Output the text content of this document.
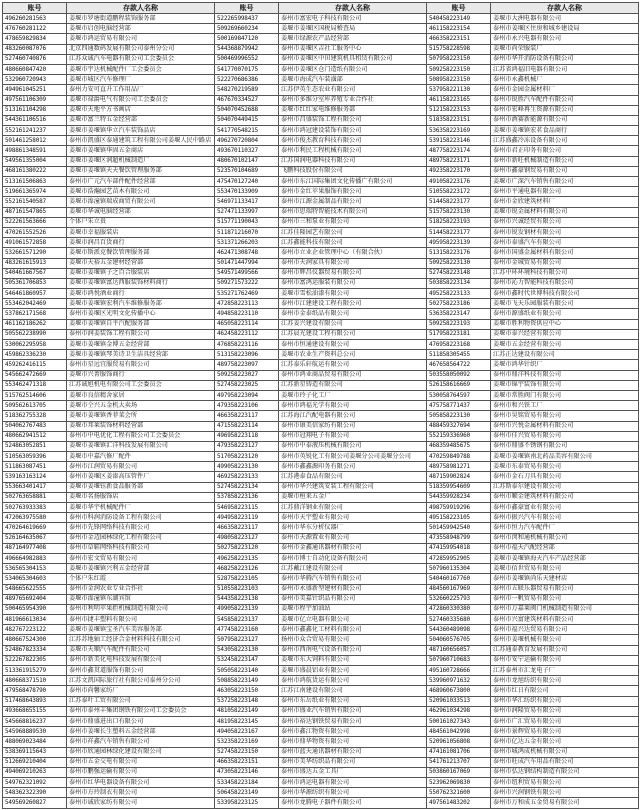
账号	存款人名称	账号	存款人名称	账号	存款人名称
496260281563	姜堰市罗塘街道鹏程装饰服务部	522265998437	泰州市富宏电子科技有限公司	540458223149	姜堰市大洲电器有限公司
476760281122	姜堰市启创电脑经营部	509269660234	姜堰市姜堰区国税局稽查局	461158223154	泰州市姜堰区住房和城乡建设局
478659829834	姜堰市鸿运贸易有限公司	500169847120	姜堰市绿源农产品经营部	466358223151	泰州市永兴电器有限公司
483260087076	北京四通数码发展有限公司泰州分公司	544368879942	泰州市姜堰区吉社工服务中心	515758228598	姜堰市尚荣服装厂
527460740876	江苏众诚汽车电器有限公司工会委员会	500469996552	泰州市姜堰区中田建筑机具租赁有限公司	507958223150	泰州市华开消防设备有限公司
480660847420	姜堰市宇达机械配件厂工会委员会	541770070175	泰州市姜堰区仓门造纸有限公司	509258223150	江苏省鸿福旧电器有限公司
532960720943	姜堰市城区汽车修理厂	522270686386	姜堰市海成汽车装潢部	508958223150	泰州市永鑫机械厂
494961045251	泰州力安可直升工作用品厂	548270219589	江苏伊英生态农业有限公司	537958221130	泰州市金园金属材料厂
497561106309	姜堰市禄爵电气有限公司工会委员会	467670334527	泰州市多维分室库养殖专业合作社	461158223165	泰州市锐胜汽车配件有限公司
513161104298	姜堰市天地平方书画店	504070452688	姜堰市红红家电维修服务部	512158223153	泰州市宏峰再生资源有限公司
544361106516	姜堰市富兰特五金经营部	504070449415	泰州市昌盛装饰工程有限公司	518358223151	泰州市酒赛新能源有限公司
552161241237	姜堰市姜堰镇华立汽车装饰品店	541770548215	泰州市鸿冠建设装饰有限公司	536358223169	姜堰市姜堰镇宏茗食品商行
501461258012	泰州市凯盛区泰通建筑工程有限公司姜堰人民中路店	496270720804	泰州市俊杰教育科技有限公司	539158223146	江苏盛鑫冷冻设备有限公司
498861348591	姜堰市姜堰镇华固五金商店	493670110327	泰州市利民工程机械有限公司	487758223174	泰州市君正印务有限公司
549561355004	姜堰市姜堰区润超机械制造厂	480670102147	江苏国润电器科技有限公司	489758223171	泰州市新旺机械制造有限公司
468161380222	姜堰市姜堰镇天天餐饮管理服务部	523570104689	飞鹏科技股份有限公司	492358223170	泰州市鑫豪钢贸易有限公司
513161506863	泰州市广元汽车部件配件经营部	475470127240	泰州市东江国际集团文化传播广有限公司	491058223176	姜堰市广深汽车销售有限公司
519661365974	姜堰市浩瀚园艺苗木有限公司	553470133909	泰州市金红苹果服饰有限公司	510558223172	泰州市平通电器有限公司
552161540587	姜堰市溱潼镇瑞成商贸有限公司	546971133417	泰州市江源金属制品有限公司	514458223177	泰州市金欣建筑材料厂
487161547865	姜堰市华诚电脑经营部	527471133997	泰州市思瑞特智能技术有限公司	515758223130	姜堰市锐金属材料有限公司
522261563666	个体户朱立贵	515771190043	泰州市三和泵业有限公司	518258223193	泰州市兴诚经贸有限公司
470261552526	姜堰市幸福服装店	511871216070	江苏佳隆园艺有限公司	514458223177	泰州市锐发钢材有限公司
491061572858	姜堰市润昌百货商行	531371266203	江苏鑫能科技有限公司	495958223139	泰州市泰盛汽车有限公司
532661571290	姜堰市斯派克餐饮管理服务部	462471308748	泰州市立业企业管理中心（有限合伙）	513158223176	泰州市国盛金属材料有限公司
483261615913	姜堰市天裕五金建材经营部	501471447994	泰州市天润家具有限公司	509258223130	泰州市金城贸易有限公司
540461667567	姜堰市姜堰镇子之百合服装店	549571499566	泰州市辉昌仪器贸易有限公司	527458223148	江苏中环环境科技有限公司
505361706853	姜堰市姜堰镇富达西服装饰材料商行	509271573222	泰州市富鸿运服装有限公司	503858223134	泰州市沁力智能科技有限公司
546461860957	姜堰市鸿悦酒业商行	535271762469	姜堰市雪松油漆有限公司	495258223133	泰州市鑫时代世博科技有限公司
553462042469	姜堰市姜堰镇宏利汽车维修服务部	472858223113	泰州市江建建设工程有限公司	502758223186	姜堰市飞天乐园服装有限公司
537862171568	泰州市姜堰区光明文化传播中心	494858223110	泰州市金泰纸品有限公司	536358223147	泰州市源盛纸业有限公司
461162186262	姜堰市姜堰镇自平汽配服务部	465058223114	江苏姜兴建设有限公司	509258223193	姜堰市胜利物资供应中心
505562238990	泰州市润姜装饰工程有限公司	462458223112	江苏晨光建设工程有限公司	517958223181	姜堰市泰兴经营有限公司
530062295958	姜堰市姜堰镇金博五金经营部	476858223116	泰州市恒通建设有限公司	476958223168	姜堰市五金经营有限公司
459862336230	姜堰市姜堰镇琴美诗卫生洁具经营部	513158223096	姜堰市农业生产资料总公司	511858305455	江苏正达建设有限公司
459262416115	泰州市星远宜服贸易有限公司	489758223097	江苏泰乐轩航运有限公司	467658564722	姜堰市鸿华针织厂
545662472669	姜堰市兴菁服饰商行	509258223027	泰州市鸿业商品贸易有限公司	503558050092	泰州市鼎洋科技有限公司
553462471318	江苏诚旭机电有限公司工会委员会	527458223025	江苏新星铸造有限公司	526158616669	姜堰市锦宇装饰有限公司
515762514606	姜堰市良信精舍家居	497958223094	姜堰市玲子化工厂	530058764597	姜堰市常胜阀门有限公司
509562613705	姜堰市仝兴五金机大卖场	479358223106	泰州市鸿福光学有限公司	475758771437	泰州市和兴铁工厂
518362755328	姜堰市姜堰镇香菲菜会所	466358223117	江苏海江汽配电器有限公司	505858223130	泰州市昊铭贸易有限公司
504062767483	姜堰市邦莱装饰材料经营部	471558223114	泰州市康美信家纺有限公司	488459327694	泰州市兴悦金属材料有限公司
480662941512	泰州市中电优化工程有限公司工会委员会	496958223118	泰州市冠翔电子有限公司	552159336960	泰州市佳兴贸易有限公司
524863052851	姜堰市姜堰镇汇洋科技发展有限公司	479358223127	泰州市中泰液压机械有限公司	468359485675	泰州市鼎盛不锈钢有限公司
510563059396	姜堰市中嘉汽修厂配件	517058223120	泰州市英锐化工有限公司姜堰分公司姜堰分公司	470259849788	姜堰市姜堰镇南北药品美容有限公司
511863087451	泰州市江润贸易有限公司	499058223130	泰州市鑫鑫源印务有限公司	489758981271	姜堰市东泰贸易有限公司
539163163124	泰州市姜堰区姜溱高压管件厂	469258223133	江苏港泰食品有限公司	487159902824	泰州市金石刀具有限公司
553663401417	姜堰市姜堰钰新食品服务部	527458223134	泰州市华兴建筑安装工程有限公司	518359954609	江苏斯泰尔建设有限公司
502763658881	姜堰市名扬服饰店	537858223136	姜堰市桓来五金厂	544359928234	泰州市顺金建筑材料有限公司
502763933383	姜堰市华宇机械配件厂	546958223115	江苏鼎洋钢业有限公司	498759919296	泰州市鑫豪富业有限公司
472063975580	泰州市科润消防设备工程有限公司	494958223119	泰州市天宇塑业有限公司	495158223105	泰州市振兴汽车有限公司
470264619669	泰州市先锋网络科技有限公司	466358223117	泰州市华东分析仪器厂	501459942540	泰州市恒力汽车配件厂
526164635067	泰州市金迈园林绿化工程有限公司	498058223127	泰州市天源置业有限公司	473558948799	泰州市闵和通机械有限公司
487164977408	泰州市草鞋网络科技有限公司	502758223120	泰州市金鑫通讯器材有限公司	474159954018	泰州市福天汽配经营部
496664982883	泰州市宏文贸易有限公司	496258223135	泰州市博士自动化设备有限公司	472859952905	姜堰市姜堰镇海天汽车产品经营部
536565304153	姜堰市姜堰镇兴利五金经营部	468258223126	江苏戴江建设有限公司	507960135304	姜堰市佰世贸易有限公司
534065304603	个体户朱红霞	528758223105	泰州市华腾汽车销售有限公司	540460167760	泰州市姜堰镇尚乐天建材店
548665622555	泰州市金润农业专业合作社	510558223103	泰州市永盛新型建材有限公司	484560167969	泰州市五联乐器贸易有限公司
489765692404	姜堰市溱潼镇东湖宾馆	544358223138	泰州市美嘉针织品有限公司	532660225793	泰州市一帆贸易有限公司
500465954390	泰州市利明苹果拒机械制造有限公司	499058223139	姜堰市程宇加油站	472860330380	泰州市万嘉莱阀门机械制造有限公司
481966613034	泰州市捷丰塑料有限公司	545858223137	姜堰市亿立电器有限公司	527460335680	泰州市兴富建筑材料有限公司
482767223122	姜堰市姜堰镇宝圣汽车美容服务部	477458223160	泰州市鑫鑫化工材料有限公司	544360489098	泰州市福兴达贸易有限公司
480667524300	江苏苏地轴工经济合金材料科技有限公司	507958223127	扬州市众合贸易有限公司	504060576705	泰州市姜堰机械有限公司
524867823334	姜堰市天顺汽车配件有限公司	543058223130	泰州市西南电气设备有限公司	487160656057	江苏通泰教育发展有限公司
522267822305	泰州市新美化电科技发展有限公司	532458223147	姜堰市东大饲料有限公司	507960710683	泰州市安宁运输有限公司
513361915279	泰州市鑫贯道服饰有限公司	505058223140	姜堰市盛晨铝业有限公司	495160728666	江苏泰州市汇龙电子厂
480668371510	江苏文凯国际旅行社有限公司泰州分公司	508858223149	泰州市鸿航货运有限公司	539960971632	泰州市龙旭纺织有限公司
479568478790	泰州市尚馨家纺厂	463058223150	江苏江南建设有限公司	468960673800	泰州市红日有限公司
517468643893	江苏泰叶工贸有限公司	537258223148	泰州市东岳纸业有限公司	520961033513	泰州市华汇纺织有限公司
493668655155	泰州市泰州丰集团钢铁有限公司工会委员会	481058223149	泰州市盛业汽车销售有限公司	462961034298	泰州市润隆贸易有限公司
545668816237	泰州市鼎盛进出口有限公司	481958223145	泰州市裕达钢铁贸易有限公司	500161027343	泰州市广汇贸易有限公司
545968889530	泰州市姜堰长生塑料五金经营部	494058223167	泰州市鑫江物资有限公司	484561042998	泰州市景辉贸易有限公司
488069023484	泰州市祥鑫汽车销售有限公司	532358223169	泰州市鼎华物资有限公司	520961056808	泰州市亿达五金有限公司
538369115643	泰州市欣通园林绿化建设有限公司	527458223150	泰州市蓝天通讯器材有限公司	474161081706	泰州市城鸿成机械有限公司
512669210404	泰州市五金交电有限公司	466358223151	泰州市美华纺织品有限公司	541761213707	泰州市旺成汽车用品有限公司
494069210263	泰州市鹏强运输有限公司	473058223146	泰州市盛达五金工具厂	503860167069	泰州市弘达钢结构制造有限公司
549762321092	泰州市红华电器设备有限公司	533458223184	泰州市鸿运电器有限公司	523962069830	泰州市纽利贸易有限公司
548362322390	泰州市方玲制衣有限公司	506458223149	泰州市华源纺织有限公司	550762321600	泰州市兴润钢铁有限公司
549569260827	泰州市诚欣家纺有限公司	533958223125	泰州市龙腾电子器件有限公司	497561483202	泰州市万和成五金贸易有限公司
